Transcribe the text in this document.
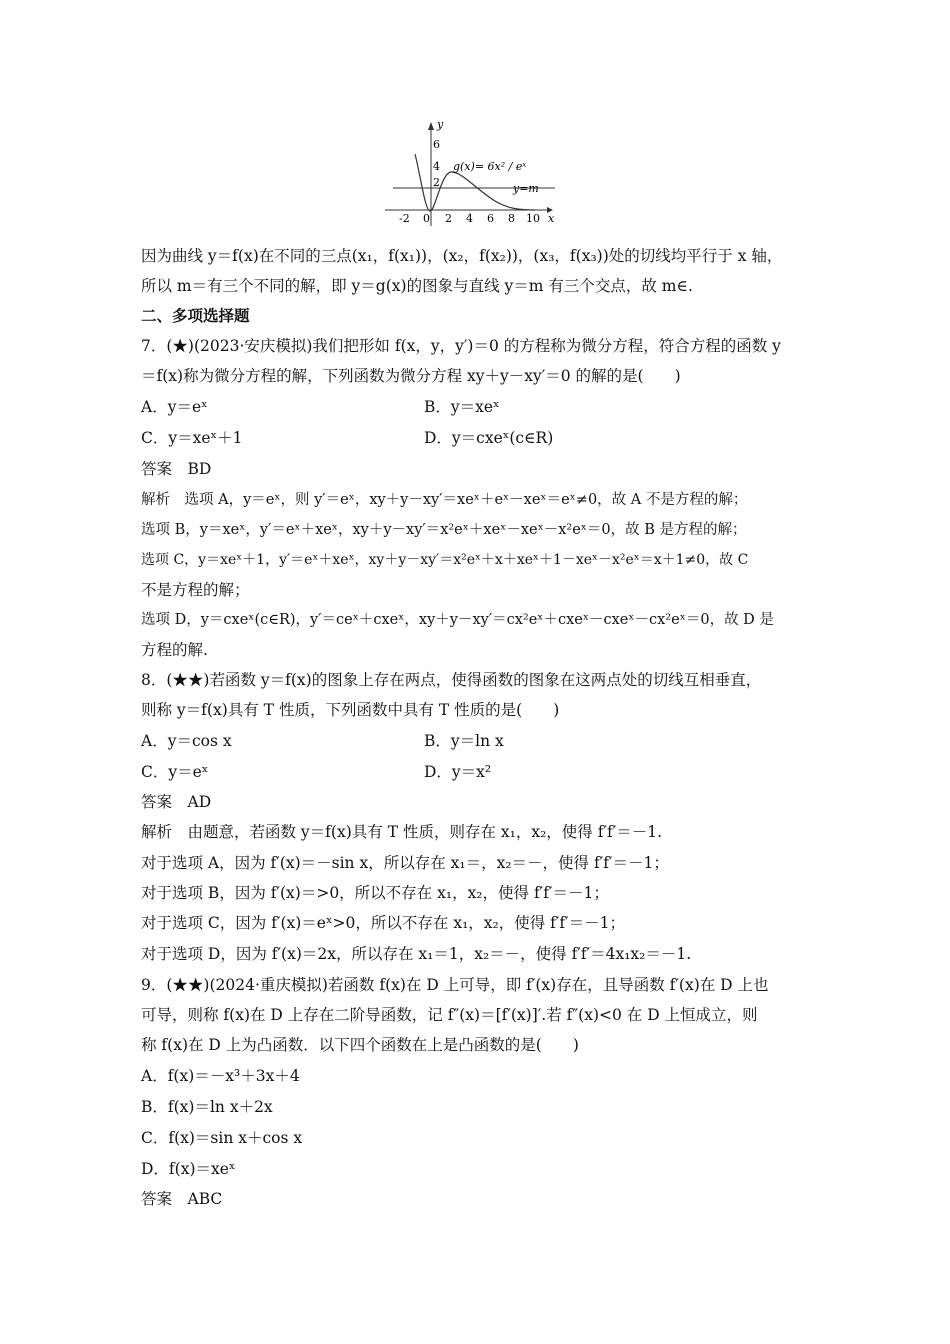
y
x
6
4
2
-2 0 2 4 6 8 10
g(x)= 6x² / eˣ
y=m
因为曲线 y＝f(x)在不同的三点(x₁，f(x₁))，(x₂，f(x₂))，(x₃，f(x₃))处的切线均平行于 x 轴，
所以 m＝有三个不同的解，即 y＝g(x)的图象与直线 y＝m 有三个交点，故 m∈.
二、多项选择题
7．(★)(2023·安庆模拟)我们把形如 f(x，y，y′)＝0 的方程称为微分方程，符合方程的函数 y
＝f(x)称为微分方程的解，下列函数为微分方程 xy＋y－xy′＝0 的解的是(　　)
A．y＝eˣ	B．y＝xeˣ
C．y＝xeˣ＋1	D．y＝cxeˣ(c∈R)
答案　BD
解析　选项 A，y＝eˣ，则 y′＝eˣ，xy＋y－xy′＝xeˣ＋eˣ－xeˣ＝eˣ≠0，故 A 不是方程的解；
选项 B，y＝xeˣ，y′＝eˣ＋xeˣ，xy＋y－xy′＝x²eˣ＋xeˣ－xeˣ－x²eˣ＝0，故 B 是方程的解；
选项 C，y＝xeˣ＋1，y′＝eˣ＋xeˣ，xy＋y－xy′＝x²eˣ＋x＋xeˣ＋1－xeˣ－x²eˣ＝x＋1≠0，故 C
不是方程的解；
选项 D，y＝cxeˣ(c∈R)，y′＝ceˣ＋cxeˣ，xy＋y－xy′＝cx²eˣ＋cxeˣ－cxeˣ－cx²eˣ＝0，故 D 是
方程的解.
8．(★★)若函数 y＝f(x)的图象上存在两点，使得函数的图象在这两点处的切线互相垂直，
则称 y＝f(x)具有 T 性质，下列函数中具有 T 性质的是(　　)
A．y＝cos x	B．y＝ln x
C．y＝eˣ	D．y＝x²
答案　AD
解析　由题意，若函数 y＝f(x)具有 T 性质，则存在 x₁，x₂，使得 f′f′＝－1.
对于选项 A，因为 f′(x)＝－sin x，所以存在 x₁＝，x₂＝－，使得 f′f′＝－1；
对于选项 B，因为 f′(x)＝>0，所以不存在 x₁，x₂，使得 f′f′＝－1；
对于选项 C，因为 f′(x)＝eˣ>0，所以不存在 x₁，x₂，使得 f′f′＝－1；
对于选项 D，因为 f′(x)＝2x，所以存在 x₁＝1，x₂＝－，使得 f′f′＝4x₁x₂＝－1.
9．(★★)(2024·重庆模拟)若函数 f(x)在 D 上可导，即 f′(x)存在，且导函数 f′(x)在 D 上也
可导，则称 f(x)在 D 上存在二阶导函数，记 f″(x)＝[f′(x)]′.若 f″(x)<0 在 D 上恒成立，则
称 f(x)在 D 上为凸函数．以下四个函数在上是凸函数的是(　　)
A．f(x)＝－x³＋3x＋4
B．f(x)＝ln x＋2x
C．f(x)＝sin x＋cos x
D．f(x)＝xeˣ
答案　ABC
